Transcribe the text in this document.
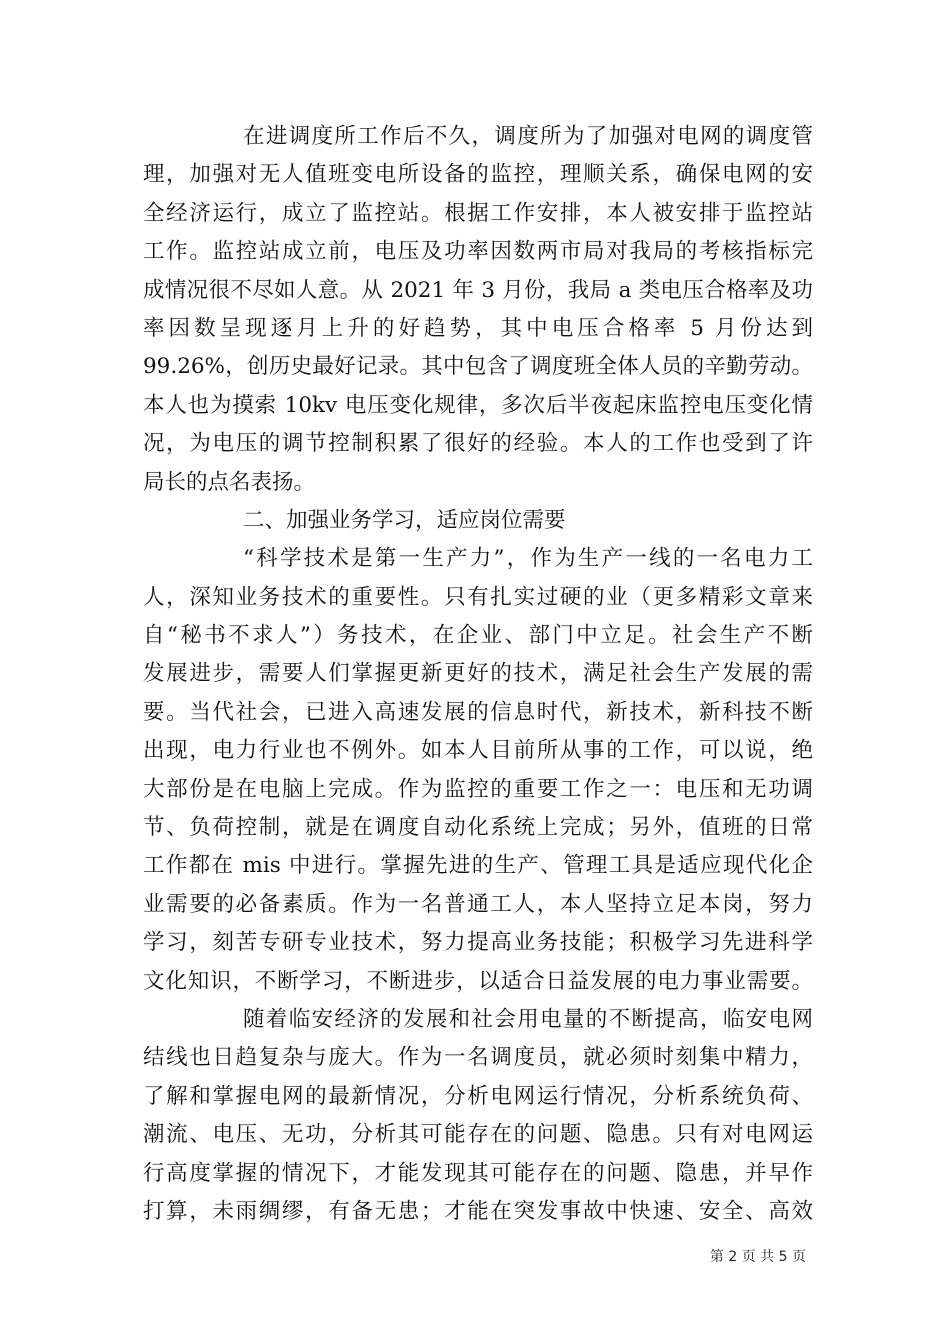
在进调度所工作后不久，调度所为了加强对电网的调度管
理，加强对无人值班变电所设备的监控，理顺关系，确保电网的安
全经济运行，成立了监控站。根据工作安排，本人被安排于监控站
工作。监控站成立前，电压及功率因数两市局对我局的考核指标完
成情况很不尽如人意。从 2021 年 3 月份，我局 a 类电压合格率及功
率因数呈现逐月上升的好趋势，其中电压合格率 5 月份达到
99.26%，创历史最好记录。其中包含了调度班全体人员的辛勤劳动。
本人也为摸索 10kv 电压变化规律，多次后半夜起床监控电压变化情
况，为电压的调节控制积累了很好的经验。本人的工作也受到了许
局长的点名表扬。
二、加强业务学习，适应岗位需要
“科学技术是第一生产力”，作为生产一线的一名电力工
人，深知业务技术的重要性。只有扎实过硬的业（更多精彩文章来
自“秘书不求人”）务技术，在企业、部门中立足。社会生产不断
发展进步，需要人们掌握更新更好的技术，满足社会生产发展的需
要。当代社会，已进入高速发展的信息时代，新技术，新科技不断
出现，电力行业也不例外。如本人目前所从事的工作，可以说，绝
大部份是在电脑上完成。作为监控的重要工作之一：电压和无功调
节、负荷控制，就是在调度自动化系统上完成；另外，值班的日常
工作都在 mis 中进行。掌握先进的生产、管理工具是适应现代化企
业需要的必备素质。作为一名普通工人，本人坚持立足本岗，努力
学习，刻苦专研专业技术，努力提高业务技能；积极学习先进科学
文化知识，不断学习，不断进步，以适合日益发展的电力事业需要。
随着临安经济的发展和社会用电量的不断提高，临安电网
结线也日趋复杂与庞大。作为一名调度员，就必须时刻集中精力，
了解和掌握电网的最新情况，分析电网运行情况，分析系统负荷、
潮流、电压、无功，分析其可能存在的问题、隐患。只有对电网运
行高度掌握的情况下，才能发现其可能存在的问题、隐患，并早作
打算，未雨绸缪，有备无患；才能在突发事故中快速、安全、高效
第 2 页 共 5 页
